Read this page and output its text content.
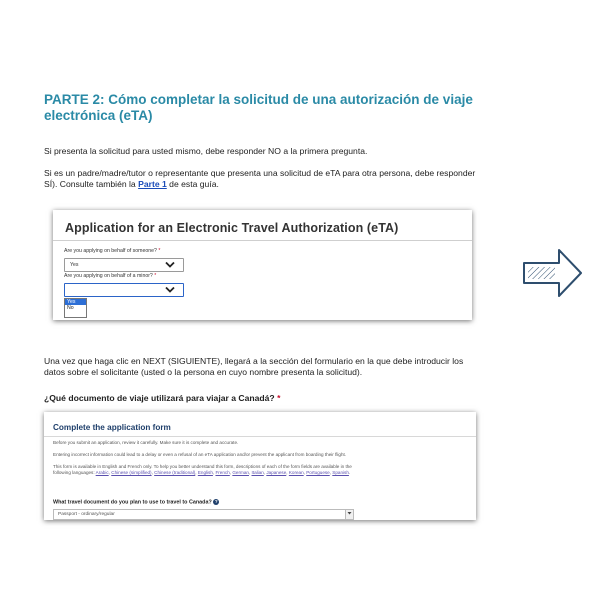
PARTE 2: Cómo completar la solicitud de una autorización de viaje electrónica (eTA)
Si presenta la solicitud para usted mismo, debe responder NO a la primera pregunta.
Si es un padre/madre/tutor o representante que presenta una solicitud de eTA para otra persona, debe responder SÍ). Consulte también la Parte 1 de esta guía.
Application for an Electronic Travel Authorization (eTA)
Are you applying on behalf of someone? *
Yes
Are you applying on behalf of a minor? *
Yes
No
Una vez que haga clic en NEXT (SIGUIENTE), llegará a la sección del formulario en la que debe introducir los datos sobre el solicitante (usted o la persona en cuyo nombre presenta la solicitud).
¿Qué documento de viaje utilizará para viajar a Canadá? *
Complete the application form
Before you submit an application, review it carefully. Make sure it is complete and accurate.
Entering incorrect information could lead to a delay or even a refusal of an eTA application and/or prevent the applicant from boarding their flight.
This form is available in English and French only. To help you better understand this form, descriptions of each of the form fields are available in the
following languages: Arabic, Chinese (simplified), Chinese (traditional), English, French, German, Italian, Japanese, Korean, Portuguese, Spanish.
What travel document do you plan to use to travel to Canada? ?
Passport - ordinary/regular
